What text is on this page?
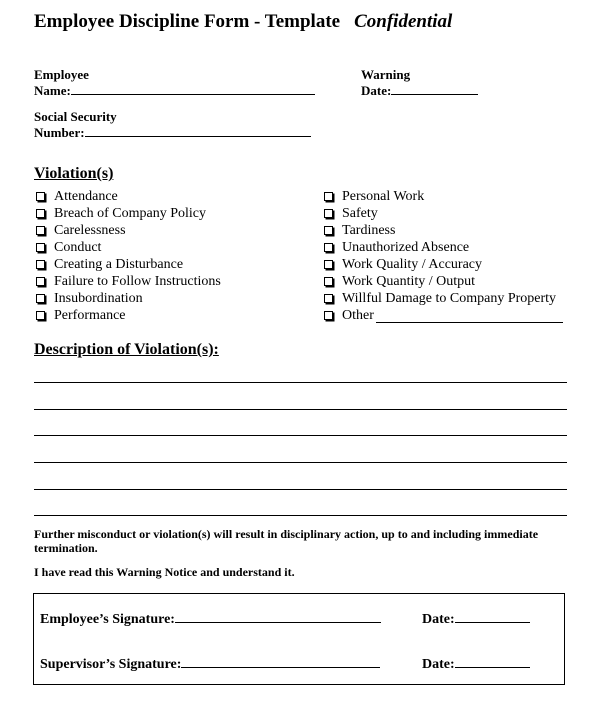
Employee Discipline Form - Template Confidential
Employee
Name:
Warning
Date:
Social Security
Number:
Violation(s)
Attendance
Breach of Company Policy
Carelessness
Conduct
Creating a Disturbance
Failure to Follow Instructions
Insubordination
Performance
Personal Work
Safety
Tardiness
Unauthorized Absence
Work Quality / Accuracy
Work Quantity / Output
Willful Damage to Company Property
Other
Description of Violation(s):
Further misconduct or violation(s) will result in disciplinary action, up to and including immediate termination.
I have read this Warning Notice and understand it.
Employee’s Signature:	Date:
Supervisor’s Signature:	Date:
